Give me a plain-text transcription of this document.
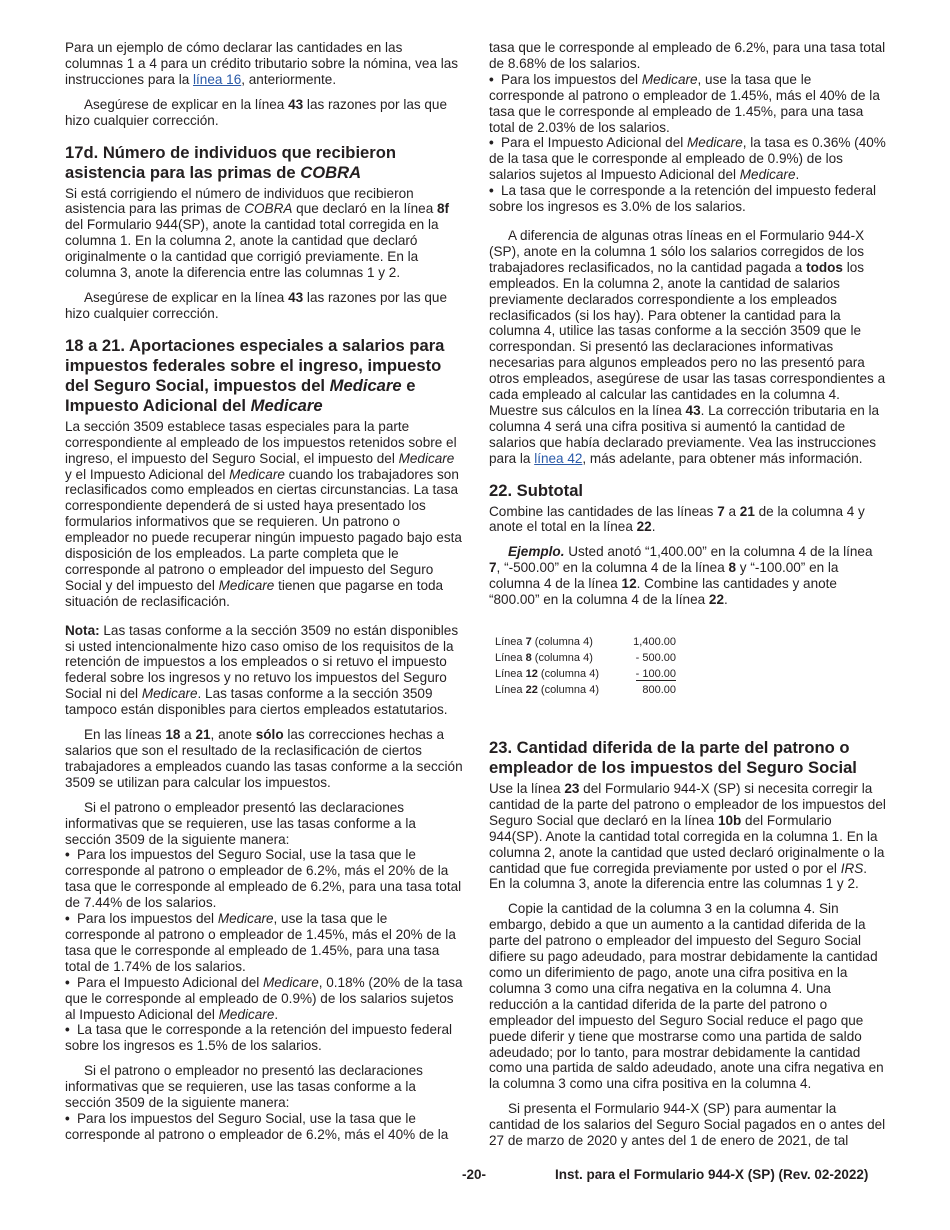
Para un ejemplo de cómo declarar las cantidades en las columnas 1 a 4 para un crédito tributario sobre la nómina, vea las instrucciones para la línea 16, anteriormente.

Asegúrese de explicar en la línea 43 las razones por las que hizo cualquier corrección.

17d. Número de individuos que recibieron asistencia para las primas de COBRA

Si está corrigiendo el número de individuos que recibieron asistencia para las primas de COBRA que declaró en la línea 8f del Formulario 944(SP), anote la cantidad total corregida en la columna 1. En la columna 2, anote la cantidad que declaró originalmente o la cantidad que corrigió previamente. En la columna 3, anote la diferencia entre las columnas 1 y 2.

Asegúrese de explicar en la línea 43 las razones por las que hizo cualquier corrección.

18 a 21. Aportaciones especiales a salarios para impuestos federales sobre el ingreso, impuesto del Seguro Social, impuestos del Medicare e Impuesto Adicional del Medicare

La sección 3509 establece tasas especiales para la parte correspondiente al empleado de los impuestos retenidos sobre el ingreso, el impuesto del Seguro Social, el impuesto del Medicare y el Impuesto Adicional del Medicare cuando los trabajadores son reclasificados como empleados en ciertas circunstancias. La tasa correspondiente dependerá de si usted haya presentado los formularios informativos que se requieren. Un patrono o empleador no puede recuperar ningún impuesto pagado bajo esta disposición de los empleados. La parte completa que le corresponde al patrono o empleador del impuesto del Seguro Social y del impuesto del Medicare tienen que pagarse en toda situación de reclasificación.

Nota: Las tasas conforme a la sección 3509 no están disponibles si usted intencionalmente hizo caso omiso de los requisitos de la retención de impuestos a los empleados o si retuvo el impuesto federal sobre los ingresos y no retuvo los impuestos del Seguro Social ni del Medicare. Las tasas conforme a la sección 3509 tampoco están disponibles para ciertos empleados estatutarios.

En las líneas 18 a 21, anote sólo las correcciones hechas a salarios que son el resultado de la reclasificación de ciertos trabajadores a empleados cuando las tasas conforme a la sección 3509 se utilizan para calcular los impuestos.

Si el patrono o empleador presentó las declaraciones informativas que se requieren, use las tasas conforme a la sección 3509 de la siguiente manera:

• Para los impuestos del Seguro Social, use la tasa que le corresponde al patrono o empleador de 6.2%, más el 20% de la tasa que le corresponde al empleado de 6.2%, para una tasa total de 7.44% de los salarios.

• Para los impuestos del Medicare, use la tasa que le corresponde al patrono o empleador de 1.45%, más el 20% de la tasa que le corresponde al empleado de 1.45%, para una tasa total de 1.74% de los salarios.

• Para el Impuesto Adicional del Medicare, 0.18% (20% de la tasa que le corresponde al empleado de 0.9%) de los salarios sujetos al Impuesto Adicional del Medicare.

• La tasa que le corresponde a la retención del impuesto federal sobre los ingresos es 1.5% de los salarios.

Si el patrono o empleador no presentó las declaraciones informativas que se requieren, use las tasas conforme a la sección 3509 de la siguiente manera:

• Para los impuestos del Seguro Social, use la tasa que le corresponde al patrono o empleador de 6.2%, más el 40% de la

tasa que le corresponde al empleado de 6.2%, para una tasa total de 8.68% de los salarios.

• Para los impuestos del Medicare, use la tasa que le corresponde al patrono o empleador de 1.45%, más el 40% de la tasa que le corresponde al empleado de 1.45%, para una tasa total de 2.03% de los salarios.

• Para el Impuesto Adicional del Medicare, la tasa es 0.36% (40% de la tasa que le corresponde al empleado de 0.9%) de los salarios sujetos al Impuesto Adicional del Medicare.

• La tasa que le corresponde a la retención del impuesto federal sobre los ingresos es 3.0% de los salarios.

A diferencia de algunas otras líneas en el Formulario 944-X (SP), anote en la columna 1 sólo los salarios corregidos de los trabajadores reclasificados, no la cantidad pagada a todos los empleados. En la columna 2, anote la cantidad de salarios previamente declarados correspondiente a los empleados reclasificados (si los hay). Para obtener la cantidad para la columna 4, utilice las tasas conforme a la sección 3509 que le correspondan. Si presentó las declaraciones informativas necesarias para algunos empleados pero no las presentó para otros empleados, asegúrese de usar las tasas correspondientes a cada empleado al calcular las cantidades en la columna 4. Muestre sus cálculos en la línea 43. La corrección tributaria en la columna 4 será una cifra positiva si aumentó la cantidad de salarios que había declarado previamente. Vea las instrucciones para la línea 42, más adelante, para obtener más información.

22. Subtotal

Combine las cantidades de las líneas 7 a 21 de la columna 4 y anote el total en la línea 22.

Ejemplo. Usted anotó “1,400.00” en la columna 4 de la línea 7, “-500.00” en la columna 4 de la línea 8 y “-100.00” en la columna 4 de la línea 12. Combine las cantidades y anote “800.00” en la columna 4 de la línea 22.

Línea 7 (columna 4)	1,400.00
Línea 8 (columna 4)	- 500.00
Línea 12 (columna 4)	- 100.00
Línea 22 (columna 4)	800.00
23. Cantidad diferida de la parte del patrono o empleador de los impuestos del Seguro Social

Use la línea 23 del Formulario 944-X (SP) si necesita corregir la cantidad de la parte del patrono o empleador de los impuestos del Seguro Social que declaró en la línea 10b del Formulario 944(SP). Anote la cantidad total corregida en la columna 1. En la columna 2, anote la cantidad que usted declaró originalmente o la cantidad que fue corregida previamente por usted o por el IRS. En la columna 3, anote la diferencia entre las columnas 1 y 2.

Copie la cantidad de la columna 3 en la columna 4. Sin embargo, debido a que un aumento a la cantidad diferida de la parte del patrono o empleador del impuesto del Seguro Social difiere su pago adeudado, para mostrar debidamente la cantidad como un diferimiento de pago, anote una cifra positiva en la columna 3 como una cifra negativa en la columna 4. Una reducción a la cantidad diferida de la parte del patrono o empleador del impuesto del Seguro Social reduce el pago que puede diferir y tiene que mostrarse como una partida de saldo adeudado; por lo tanto, para mostrar debidamente la cantidad como una partida de saldo adeudado, anote una cifra negativa en la columna 3 como una cifra positiva en la columna 4.

Si presenta el Formulario 944-X (SP) para aumentar la cantidad de los salarios del Seguro Social pagados en o antes del 27 de marzo de 2020 y antes del 1 de enero de 2021, de tal

-20-	Inst. para el Formulario 944-X (SP) (Rev. 02-2022)
